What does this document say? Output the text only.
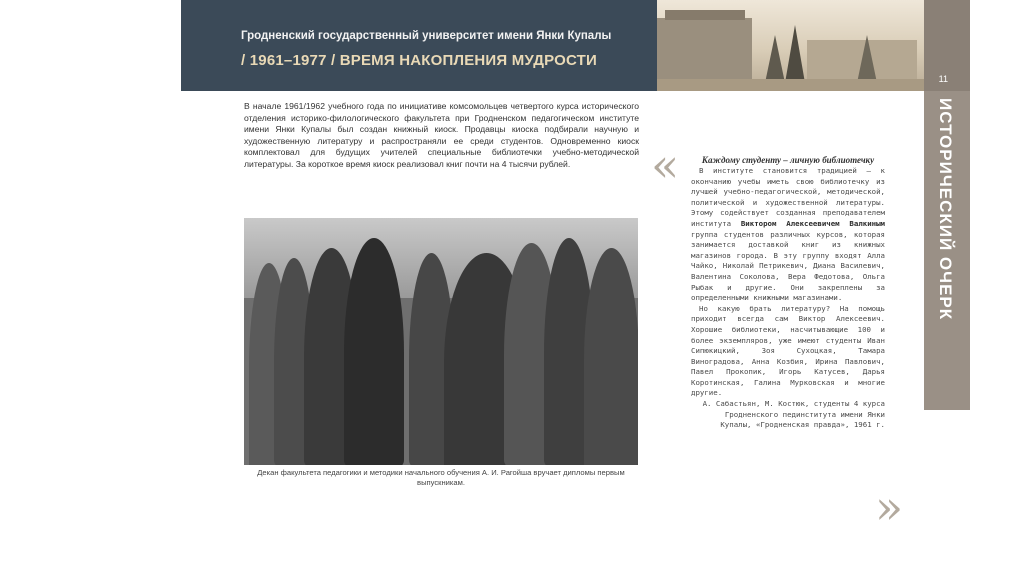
Гродненский государственный университет имени Янки Купалы
/ 1961–1977 / ВРЕМЯ НАКОПЛЕНИЯ МУДРОСТИ
ИСТОРИЧЕСКИЙ ОЧЕРК
11
В начале 1961/1962 учебного года по инициативе комсомольцев четвертого курса исторического отделения историко-филологического факультета при Гродненском педагогическом институте имени Янки Купалы был создан книжный киоск. Продавцы киоска подбирали научную и художественную литературу и распространяли ее среди студентов. Одновременно киоск комплектовал для будущих учителей специальные библиотечки учебно-методической литературы. За короткое время киоск реализовал книг почти на 4 тысячи рублей.
Декан факультета педагогики и методики начального обучения А. И. Рагойша вручает дипломы первым выпускникам.
«
»
Каждому студенту – личную библиотечку

В институте становится традицией – к окончанию учебы иметь свою библиотечку из лучшей учебно-педагогической, методической, политической и художественной литературы. Этому содействует созданная преподавателем института Виктором Алексеевичем Валкиным группа студентов различных курсов, которая занимается доставкой книг из книжных магазинов города. В эту группу входят Алла Чайко, Николай Петрикевич, Диана Василевич, Валентина Соколова, Вера Федотова, Ольга Рыбак и другие. Они закреплены за определенными книжными магазинами.

Но какую брать литературу? На помощь приходит всегда сам Виктор Алексеевич. Хорошие библиотеки, насчитывающие 100 и более экземпляров, уже имеют студенты Иван Сипюкицкий, Зоя Сухоцкая, Тамара Виноградова, Анна Козбия, Ирина Павлович, Павел Прокопик, Игорь Катусев, Дарья Коротинская, Галина Мурковская и многие другие.

А. Сабастьян, М. Костюк, студенты 4 курса Гродненского пединститута имени Янки Купалы, «Гродненская правда», 1961 г.
